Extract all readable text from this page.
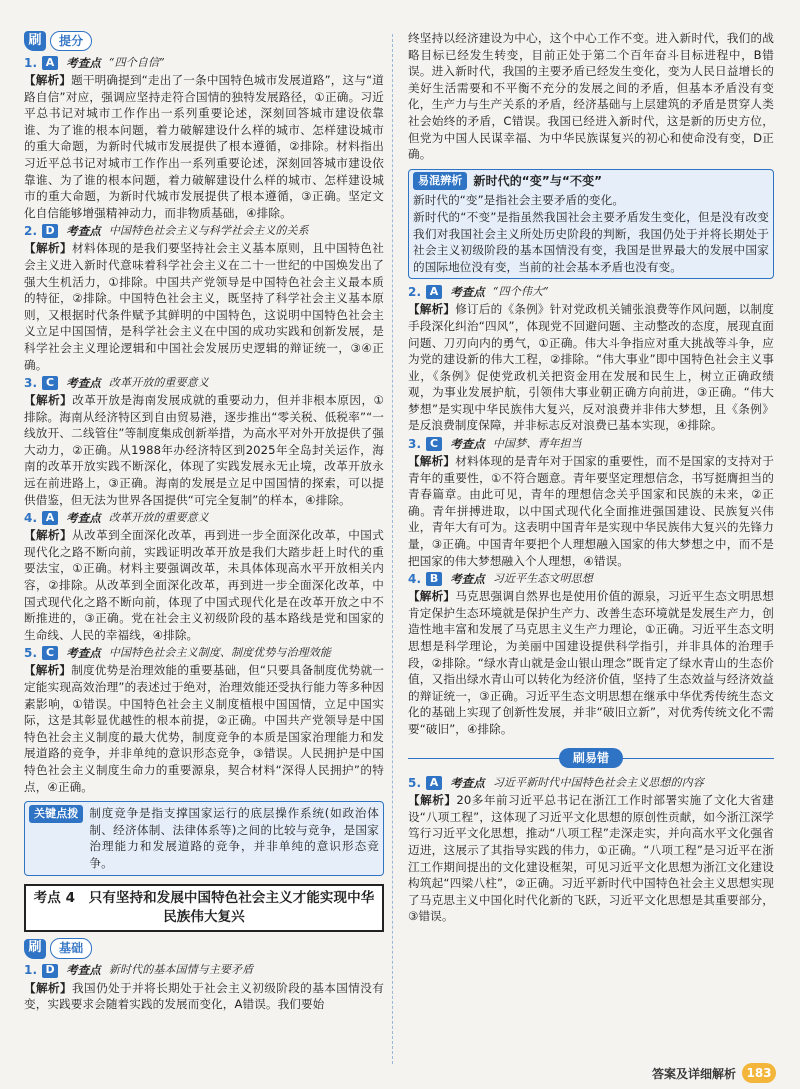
刷	提分
1. A	考查点 “四个自信”
【解析】题干明确提到“走出了一条中国特色城市发展道路”，这与“道路自信”对应，强调应坚持走符合国情的独特发展路径，①正确。习近平总书记对城市工作作出一系列重要论述，深刻回答城市建设依靠谁、为了谁的根本问题，着力破解建设什么样的城市、怎样建设城市的重大命题，为新时代城市发展提供了根本遵循，②排除。材料指出习近平总书记对城市工作作出一系列重要论述，深刻回答城市建设依靠谁、为了谁的根本问题，着力破解建设什么样的城市、怎样建设城市的重大命题，为新时代城市发展提供了根本遵循，③正确。坚定文化自信能够增强精神动力，而非物质基础，④排除。
2. D 考查点 中国特色社会主义与科学社会主义的关系
【解析】材料体现的是我们要坚持社会主义基本原则，且中国特色社会主义进入新时代意味着科学社会主义在二十一世纪的中国焕发出了强大生机活力，①排除。中国共产党领导是中国特色社会主义最本质的特征，②排除。中国特色社会主义，既坚持了科学社会主义基本原则，又根据时代条件赋予其鲜明的中国特色，这说明中国特色社会主义立足中国国情，是科学社会主义在中国的成功实践和创新发展，是科学社会主义理论逻辑和中国社会发展历史逻辑的辩证统一，③④正确。
3. C	考查点 改革开放的重要意义
【解析】改革开放是海南发展成就的重要动力，但并非根本原因，①排除。海南从经济特区到自由贸易港，逐步推出“零关税、低税率”“一线放开、二线管住”等制度集成创新举措，为高水平对外开放提供了强大动力，②正确。从1988年办经济特区到2025年全岛封关运作，海南的改革开放实践不断深化，体现了实践发展永无止境，改革开放永远在前进路上，③正确。海南的发展是立足中国国情的探索，可以提供借鉴，但无法为世界各国提供“可完全复制”的样本，④排除。
4. A	考查点 改革开放的重要意义
【解析】从改革到全面深化改革，再到进一步全面深化改革，中国式现代化之路不断向前，实践证明改革开放是我们大踏步赶上时代的重要法宝，①正确。材料主要强调改革，未具体体现高水平开放相关内容，②排除。从改革到全面深化改革，再到进一步全面深化改革，中国式现代化之路不断向前，体现了中国式现代化是在改革开放之中不断推进的，③正确。党在社会主义初级阶段的基本路线是党和国家的生命线、人民的幸福线，④排除。
5. C	考查点 中国特色社会主义制度、制度优势与治理效能
【解析】制度优势是治理效能的重要基础，但“只要具备制度优势就一定能实现高效治理”的表述过于绝对，治理效能还受执行能力等多种因素影响，①错误。中国特色社会主义制度植根中国国情，立足中国实际，这是其彰显优越性的根本前提，②正确。中国共产党领导是中国特色社会主义制度的最大优势，制度竞争的本质是国家治理能力和发展道路的竞争，并非单纯的意识形态竞争，③错误。人民拥护是中国特色社会主义制度生命力的重要源泉，契合材料“深得人民拥护”的特点，④正确。
关键点拨 制度竞争是指支撑国家运行的底层操作系统(如政治体制、经济体制、法律体系等)之间的比较与竞争，是国家治理能力和发展道路的竞争，并非单纯的意识形态竞争。
考点 4　只有坚持和发展中国特色社会主义才能实现中华民族伟大复兴
刷	基础
1. D 考查点 新时代的基本国情与主要矛盾
【解析】我国仍处于并将长期处于社会主义初级阶段的基本国情没有变，实践要求会随着实践的发展而变化，A错误。我们要始
终坚持以经济建设为中心，这个中心工作不变。进入新时代，我们的战略目标已经发生转变，目前正处于第二个百年奋斗目标进程中，B错误。进入新时代，我国的主要矛盾已经发生变化，变为人民日益增长的美好生活需要和不平衡不充分的发展之间的矛盾，但基本矛盾没有变化，生产力与生产关系的矛盾，经济基础与上层建筑的矛盾是贯穿人类社会始终的矛盾，C错误。我国已经进入新时代，这是新的历史方位，但党为中国人民谋幸福、为中华民族谋复兴的初心和使命没有变，D正确。
易混辨析 新时代的“变”与“不变”
新时代的“变”是指社会主要矛盾的变化。
新时代的“不变”是指虽然我国社会主要矛盾发生变化，但是没有改变我们对我国社会主义所处历史阶段的判断，我国仍处于并将长期处于社会主义初级阶段的基本国情没有变，我国是世界最大的发展中国家的国际地位没有变，当前的社会基本矛盾也没有变。
2. A	考查点 “四个伟大”
【解析】修订后的《条例》针对党政机关铺张浪费等作风问题，以制度手段深化纠治“四风”，体现党不回避问题、主动整改的态度，展现直面问题、刀刃向内的勇气，①正确。伟大斗争指应对重大挑战等斗争，应为党的建设新的伟大工程，②排除。“伟大事业”即中国特色社会主义事业，《条例》促使党政机关把资金用在发展和民生上，树立正确政绩观，为事业发展护航，引领伟大事业朝正确方向前进，③正确。“伟大梦想”是实现中华民族伟大复兴，反对浪费并非伟大梦想，且《条例》是反浪费制度保障，并非标志反对浪费已基本实现，④排除。
3. C	考查点 中国梦、青年担当
【解析】材料体现的是青年对于国家的重要性，而不是国家的支持对于青年的重要性，①不符合题意。青年要坚定理想信念，书写挺膺担当的青春篇章。由此可见，青年的理想信念关乎国家和民族的未来，②正确。青年拼搏进取，以中国式现代化全面推进强国建设、民族复兴伟业，青年大有可为。这表明中国青年是实现中华民族伟大复兴的先锋力量，③正确。中国青年要把个人理想融入国家的伟大梦想之中，而不是把国家的伟大梦想融入个人理想，④错误。
4. B	考查点 习近平生态文明思想
【解析】马克思强调自然界也是使用价值的源泉，习近平生态文明思想肯定保护生态环境就是保护生产力、改善生态环境就是发展生产力，创造性地丰富和发展了马克思主义生产力理论，①正确。习近平生态文明思想是科学理论，为美丽中国建设提供科学指引，并非具体的治理手段，②排除。“绿水青山就是金山银山理念”既肯定了绿水青山的生态价值，又指出绿水青山可以转化为经济价值，坚持了生态效益与经济效益的辩证统一，③正确。习近平生态文明思想在继承中华优秀传统生态文化的基础上实现了创新性发展，并非“破旧立新”，对优秀传统文化不需要“破旧”，④排除。
刷易错
5. A	考查点 习近平新时代中国特色社会主义思想的内容
【解析】20多年前习近平总书记在浙江工作时部署实施了文化大省建设“八项工程”，这体现了习近平文化思想的原创性贡献，如今浙江深学笃行习近平文化思想，推动“八项工程”走深走实，并向高水平文化强省迈进，这展示了其指导实践的伟力，①正确。“八项工程”是习近平在浙江工作期间提出的文化建设框架，可见习近平文化思想为浙江文化建设构筑起“四梁八柱”，②正确。习近平新时代中国特色社会主义思想实现了马克思主义中国化时代化新的飞跃，习近平文化思想是其重要部分，③错误。
答案及详细解析 183
